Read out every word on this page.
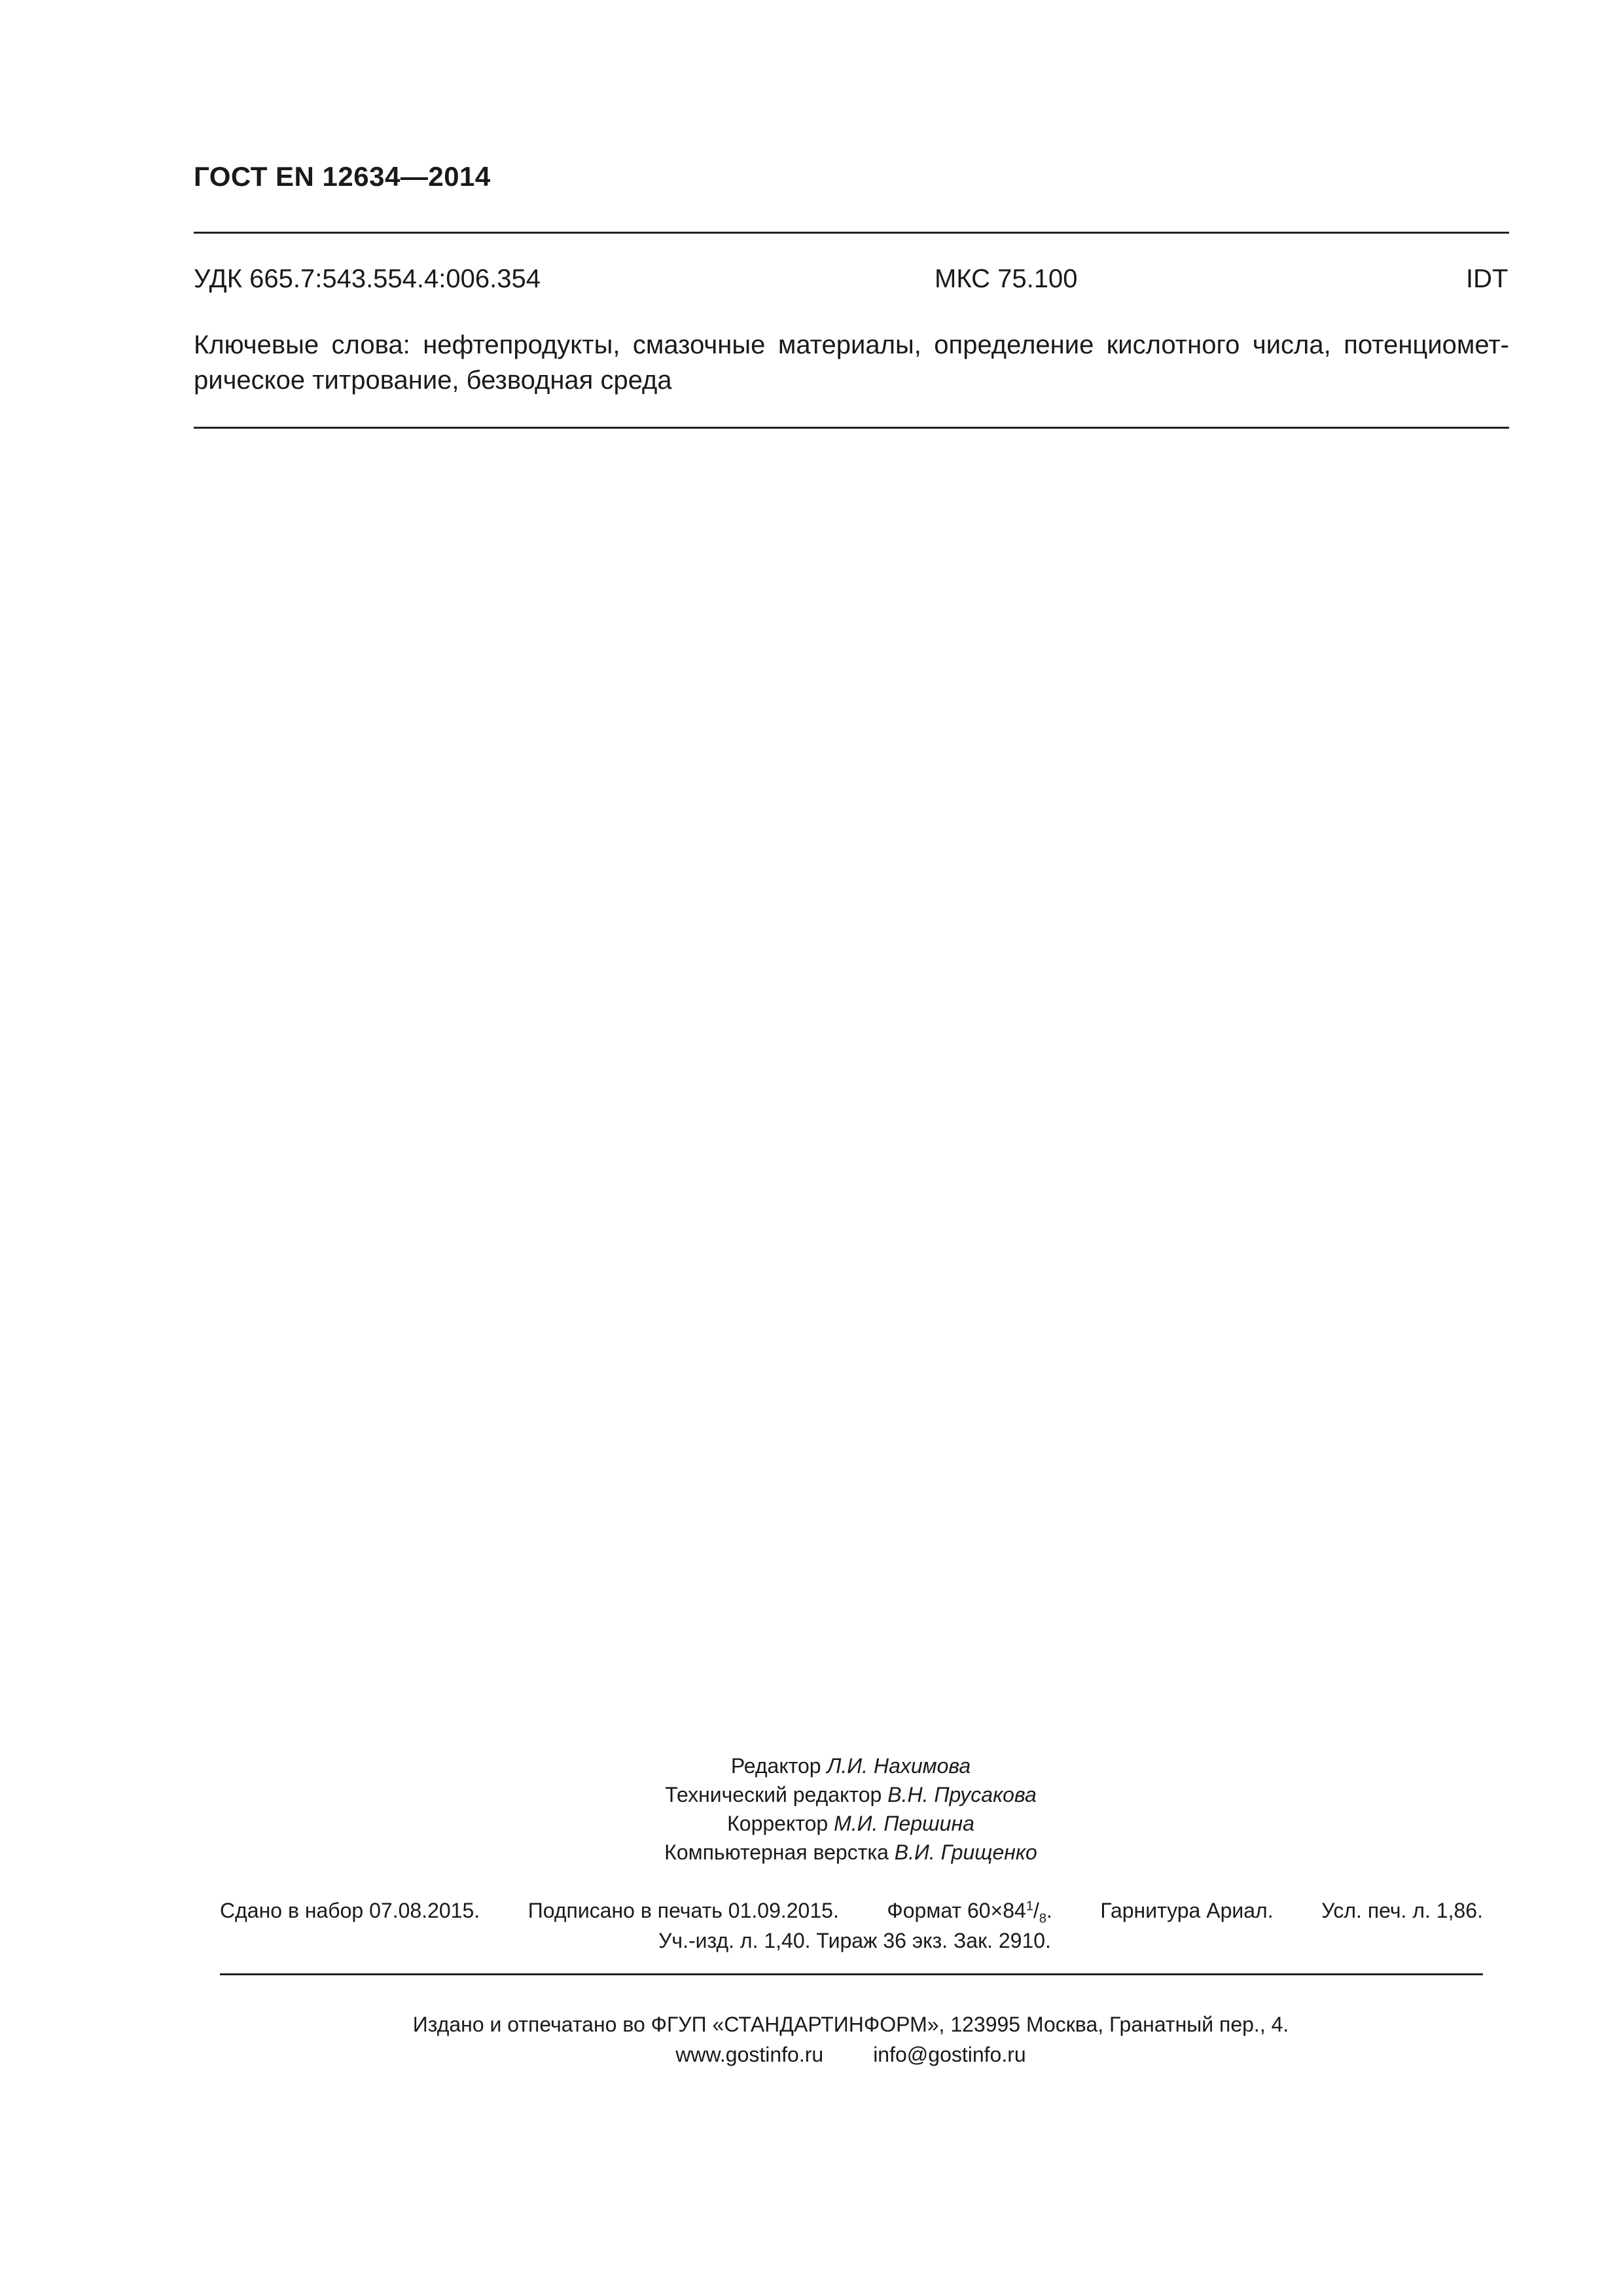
ГОСТ EN 12634—2014
УДК 665.7:543.554.4:006.354	МКС 75.100	IDT
Ключевые слова: нефтепродукты, смазочные материалы, определение кислотного числа, потенциометрическое титрование, безводная среда
Редактор Л.И. Нахимова
Технический редактор В.Н. Прусакова
Корректор М.И. Першина
Компьютерная верстка В.И. Грищенко
Сдано в набор 07.08.2015. Подписано в печать 01.09.2015. Формат $60\times 84^1/_8$. Гарнитура Ариал. Усл. печ. л. 1,86.
Уч.-изд. л. 1,40. Тираж 36 экз. Зак. 2910.
Издано и отпечатано во ФГУП «СТАНДАРТИНФОРМ», 123995 Москва, Гранатный пер., 4.
www.gostinfo.ru info@gostinfo.ru
